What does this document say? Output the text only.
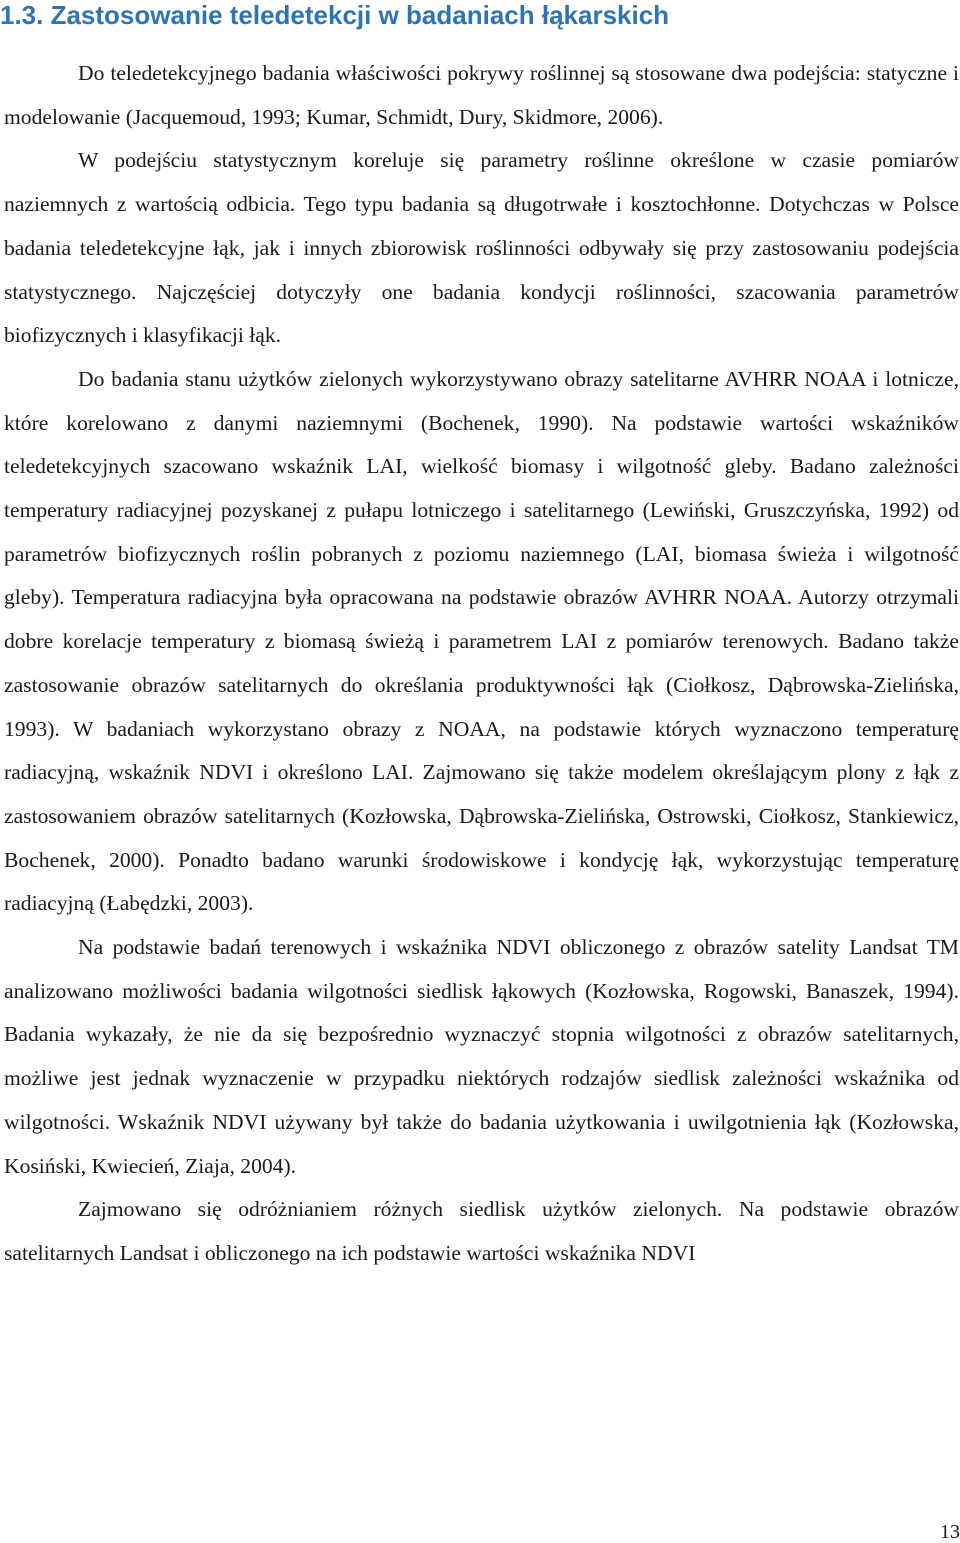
1.3. Zastosowanie teledetekcji w badaniach łąkarskich

Do teledetekcyjnego badania właściwości pokrywy roślinnej są stosowane dwa podejścia: statyczne i modelowanie (Jacquemoud, 1993; Kumar, Schmidt, Dury, Skidmore, 2006).

W podejściu statystycznym koreluje się parametry roślinne określone w czasie pomiarów naziemnych z wartością odbicia. Tego typu badania są długotrwałe i kosztochłonne. Dotychczas w Polsce badania teledetekcyjne łąk, jak i innych zbiorowisk roślinności odbywały się przy zastosowaniu podejścia statystycznego. Najczęściej dotyczyły one badania kondycji roślinności, szacowania parametrów biofizycznych i klasyfikacji łąk.

Do badania stanu użytków zielonych wykorzystywano obrazy satelitarne AVHRR NOAA i lotnicze, które korelowano z danymi naziemnymi (Bochenek, 1990). Na podstawie wartości wskaźników teledetekcyjnych szacowano wskaźnik LAI, wielkość biomasy i wilgotność gleby. Badano zależności temperatury radiacyjnej pozyskanej z pułapu lotniczego i satelitarnego (Lewiński, Gruszczyńska, 1992) od parametrów biofizycznych roślin pobranych z poziomu naziemnego (LAI, biomasa świeża i wilgotność gleby). Temperatura radiacyjna była opracowana na podstawie obrazów AVHRR NOAA. Autorzy otrzymali dobre korelacje temperatury z biomasą świeżą i parametrem LAI z pomiarów terenowych. Badano także zastosowanie obrazów satelitarnych do określania produktywności łąk (Ciołkosz, Dąbrowska-Zielińska, 1993). W badaniach wykorzystano obrazy z NOAA, na podstawie których wyznaczono temperaturę radiacyjną, wskaźnik NDVI i określono LAI. Zajmowano się także modelem określającym plony z łąk z zastosowaniem obrazów satelitarnych (Kozłowska, Dąbrowska-Zielińska, Ostrowski, Ciołkosz, Stankiewicz, Bochenek, 2000). Ponadto badano warunki środowiskowe i kondycję łąk, wykorzystując temperaturę radiacyjną (Łabędzki, 2003).

Na podstawie badań terenowych i wskaźnika NDVI obliczonego z obrazów satelity Landsat TM analizowano możliwości badania wilgotności siedlisk łąkowych (Kozłowska, Rogowski, Banaszek, 1994). Badania wykazały, że nie da się bezpośrednio wyznaczyć stopnia wilgotności z obrazów satelitarnych, możliwe jest jednak wyznaczenie w przypadku niektórych rodzajów siedlisk zależności wskaźnika od wilgotności. Wskaźnik NDVI używany był także do badania użytkowania i uwilgotnienia łąk (Kozłowska, Kosiński, Kwiecień, Ziaja, 2004).

Zajmowano się odróżnianiem różnych siedlisk użytków zielonych. Na podstawie obrazów satelitarnych Landsat i obliczonego na ich podstawie wartości wskaźnika NDVI

13
